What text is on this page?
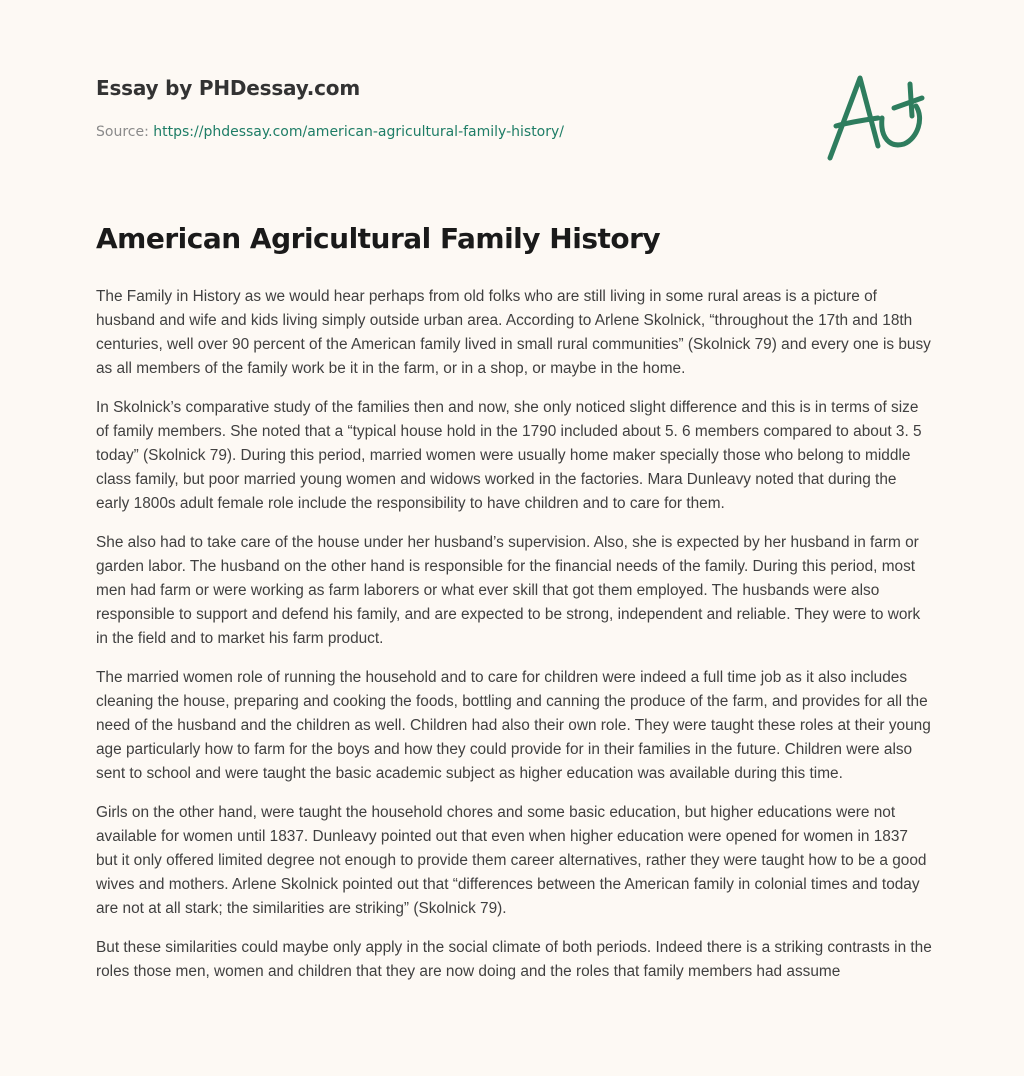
Essay by PHDessay.com
Source: https://phdessay.com/american-agricultural-family-history/
American Agricultural Family History

The Family in History as we would hear perhaps from old folks who are still living in some rural areas is a picture of husband and wife and kids living simply outside urban area. According to Arlene Skolnick, “throughout the 17th and 18th centuries, well over 90 percent of the American family lived in small rural communities” (Skolnick 79) and every one is busy as all members of the family work be it in the farm, or in a shop, or maybe in the home.

In Skolnick’s comparative study of the families then and now, she only noticed slight difference and this is in terms of size of family members. She noted that a “typical house hold in the 1790 included about 5. 6 members compared to about 3. 5 today” (Skolnick 79). During this period, married women were usually home maker specially those who belong to middle class family, but poor married young women and widows worked in the factories. Mara Dunleavy noted that during the early 1800s adult female role include the responsibility to have children and to care for them.

She also had to take care of the house under her husband’s supervision. Also, she is expected by her husband in farm or garden labor. The husband on the other hand is responsible for the financial needs of the family. During this period, most men had farm or were working as farm laborers or what ever skill that got them employed. The husbands were also responsible to support and defend his family, and are expected to be strong, independent and reliable. They were to work in the field and to market his farm product.

The married women role of running the household and to care for children were indeed a full time job as it also includes cleaning the house, preparing and cooking the foods, bottling and canning the produce of the farm, and provides for all the need of the husband and the children as well. Children had also their own role. They were taught these roles at their young age particularly how to farm for the boys and how they could provide for in their families in the future. Children were also sent to school and were taught the basic academic subject as higher education was available during this time.

Girls on the other hand, were taught the household chores and some basic education, but higher educations were not available for women until 1837. Dunleavy pointed out that even when higher education were opened for women in 1837 but it only offered limited degree not enough to provide them career alternatives, rather they were taught how to be a good wives and mothers. Arlene Skolnick pointed out that “differences between the American family in colonial times and today are not at all stark; the similarities are striking” (Skolnick 79).

But these similarities could maybe only apply in the social climate of both periods. Indeed there is a striking contrasts in the roles those men, women and children that they are now doing and the roles that family members had assume
